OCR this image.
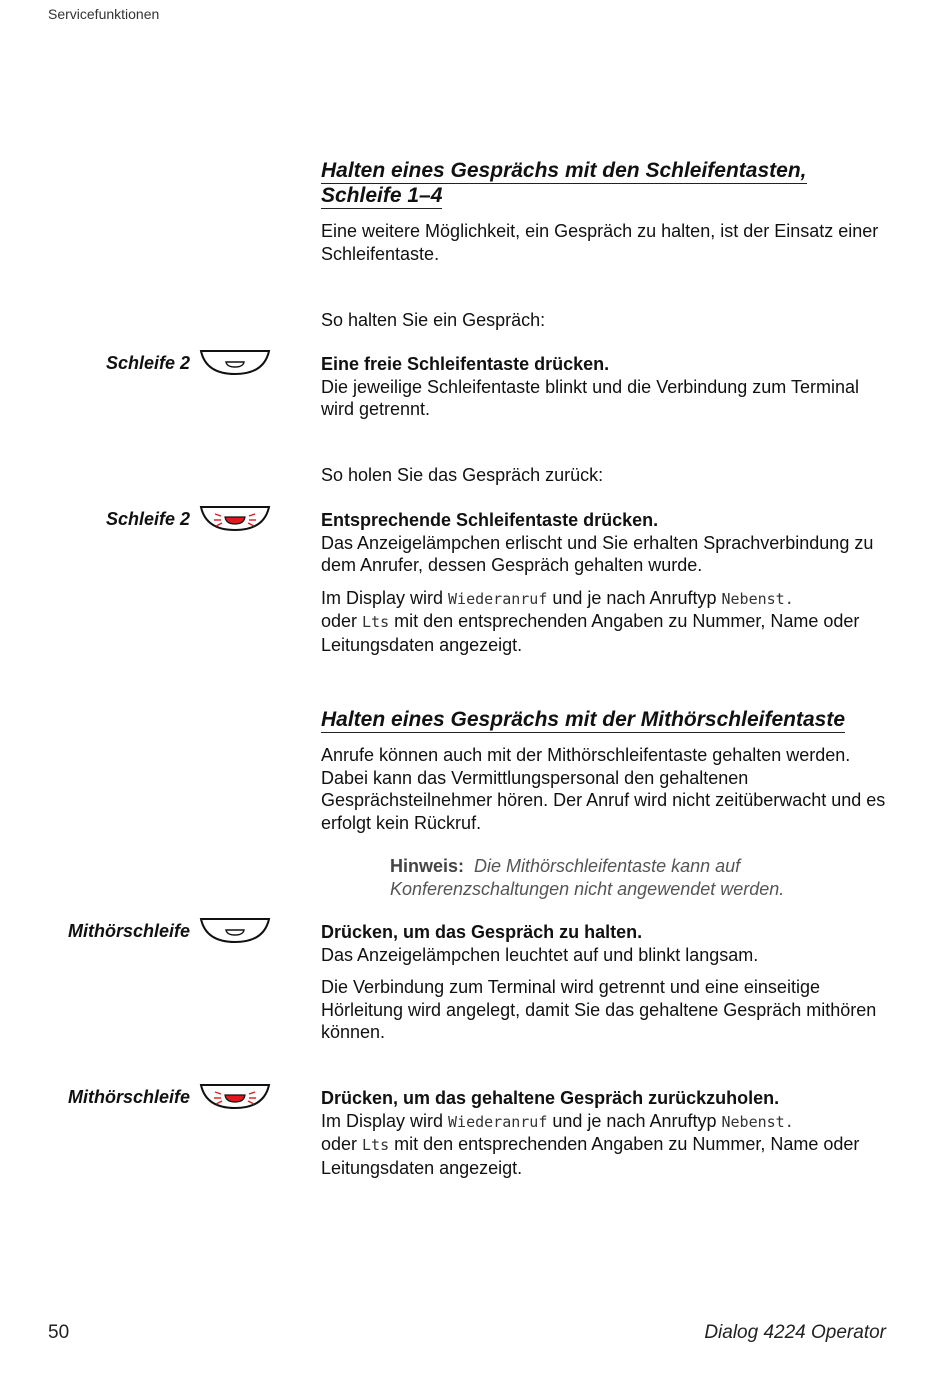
Servicefunktionen
50	Dialog 4224 Operator
Halten eines Gesprächs mit den Schleifentasten,
Schleife 1–4
Eine weitere Möglichkeit, ein Gespräch zu halten, ist der Einsatz einer Schleifentaste.
So halten Sie ein Gespräch:
Schleife 2	Eine freie Schleifentaste drücken.
Die jeweilige Schleifentaste blinkt und die Verbindung zum Terminal wird getrennt.
So holen Sie das Gespräch zurück:
Schleife 2	Entsprechende Schleifentaste drücken.
Das Anzeigelämpchen erlischt und Sie erhalten Sprachverbindung zu dem Anrufer, dessen Gespräch gehalten wurde.
Im Display wird Wiederanruf und je nach Anruftyp Nebenst.
oder Lts mit den entsprechenden Angaben zu Nummer, Name oder Leitungsdaten angezeigt.
Halten eines Gesprächs mit der Mithörschleifentaste
Anrufe können auch mit der Mithörschleifentaste gehalten werden. Dabei kann das Vermittlungspersonal den gehaltenen Gesprächsteilnehmer hören. Der Anruf wird nicht zeitüberwacht und es erfolgt kein Rückruf.
Hinweis: Die Mithörschleifentaste kann auf Konferenzschaltungen nicht angewendet werden.
Mithörschleife	Drücken, um das Gespräch zu halten.
Das Anzeigelämpchen leuchtet auf und blinkt langsam.
Die Verbindung zum Terminal wird getrennt und eine einseitige Hörleitung wird angelegt, damit Sie das gehaltene Gespräch mithören können.
Mithörschleife	Drücken, um das gehaltene Gespräch zurückzuholen.
Im Display wird Wiederanruf und je nach Anruftyp Nebenst.
oder Lts mit den entsprechenden Angaben zu Nummer, Name oder Leitungsdaten angezeigt.
